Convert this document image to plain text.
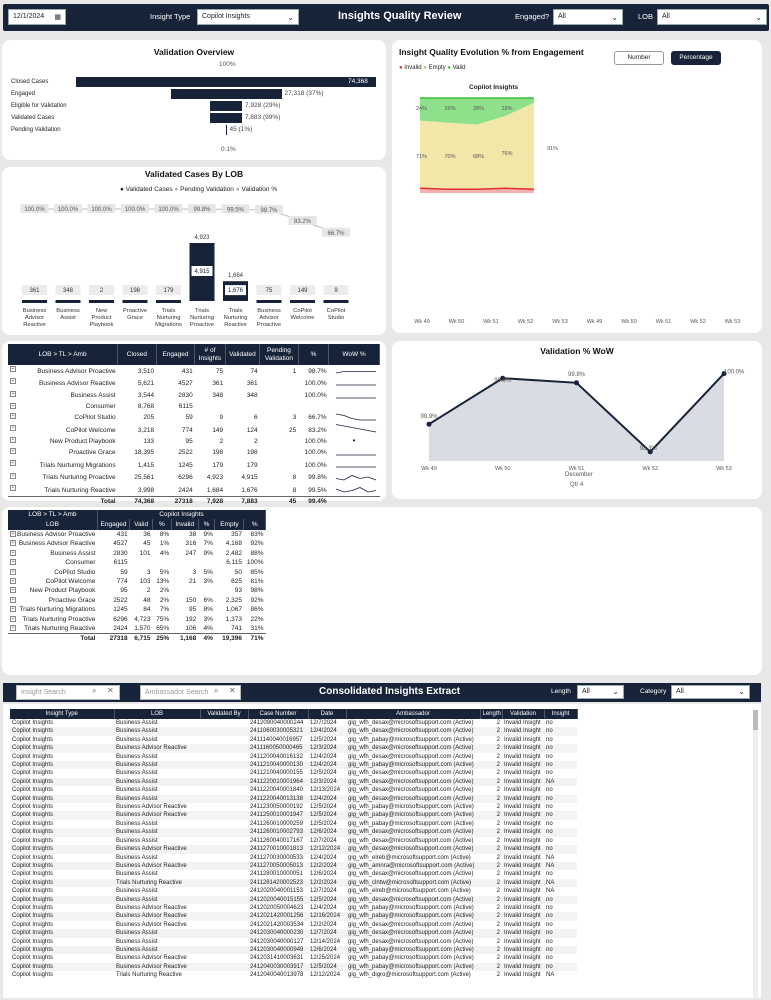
12/1/2024 ▦	Insight Type	Copilot Insights	⌄	Insights Quality Review	Engaged?	All	⌄	LOB	All	⌄
Validation Overview
100%
Closed Cases	74,368
Engaged	27,318 (37%)
Eligible for Validation	7,928 (29%)
Validated Cases	7,883 (99%)
Pending Validation	45 (1%)
0.1%
Validated Cases By LOB
● Validated Cases ● Pending Validation ● Validation %
100.0% 100.0% 100.0% 100.0% 100.0% 99.8%	99.5%	98.7%
83.2%
66.7%
361
Business Advisor Reactive
348
Business Assist
2
New Product Playbook
198
Proactive Grace
179
Trials Nurturing Migrations
4,923
4,915
Trials Nurturing Proactive
1,684
1,676
Trials Nurturing Reactive
75
Business Advisor Proactive
149
CoPilot Welcome
9
CoPilot Studio
Insight Quality Evolution % from Engagement
● Invalid ● Empty ● Valid
Number	Percentage
Copilot Insights
24%	26%	28%	19%
71%	70%	68%	76%
91%
Wk 49	Wk 50	Wk 51	Wk 52	Wk 53	Wk 49	Wk 50	Wk 51	Wk 52	Wk 53
LOB > TL > Amb	Closed	Engaged	# of Insights	Validated	Pending Validation	%	WoW %

+ Business Advisor Proactive	3,510	431	75	74	1	98.7%	

+ Business Advisor Reactive	5,621	4527	361	361		100.0%	

+ Business Assist	3,544	2830	348	348		100.0%	

+ Consumer	8,768	6115					

+ CoPilot Studio	205	59	9	6	3	66.7%	

+ CoPilot Welcome	3,218	774	149	124	25	83.2%	

+ New Product Playbook	133	95	2	2		100.0%	•

+ Proactive Grace	18,395	2522	198	198		100.0%	

+ Trials Nurturing Migrations	1,415	1245	179	179		100.0%	

+ Trials Nurturing Proactive	25,561	6296	4,923	4,915	8	99.8%	

+ Trials Nurturing Reactive	3,998	2424	1,684	1,676	8	99.5%	
Total	74,368	27318	7,928	7,883	45	99.4%	
Validation % WoW
98.9%
Wk 49
99.9%
Wk 50
99.8%
Wk 51
98.3%
Wk 52
100.0%
Wk 53
December
Qtr 4
LOB > TL > Amb	Copilot Insights						
LOB	Engaged	Valid	%	Invalid	%	Empty	%

+ Business Advisor Proactive	431	36	8%	38	9%	357	83%

+ Business Advisor Reactive	4527	45	1%	316	7%	4,168	92%

+ Business Assist	2830	101	4%	247	9%	2,482	88%

+ Consumer	6115					6,115	100%

+ CoPilot Studio	59	3	5%	3	5%	50	85%

+ CoPilot Welcome	774	103	13%	21	3%	625	81%

+ New Product Playbook	95	2	2%			93	98%

+ Proactive Grace	2522	48	2%	150	6%	2,325	92%

+ Trials Nurturing Migrations	1245	84	7%	95	8%	1,067	86%

+ Trials Nurturing Proactive	6296	4,723	75%	192	3%	1,373	22%

+ Trials Nurturing Reactive	2424	1,570	65%	106	4%	741	31%
Total	27318	6,715	25%	1,168	4%	19,396	71%
Insight Search	⌕ ✕	Ambassador Search ⌕ ✕	Consolidated Insights Extract	Length	All	⌄	Category	All	⌄
Insight Type	LOB	Validated By	Case Number	Date	Ambassador	Length	Validation	Insight
Copilot Insights	Business Assist		2412090040000244	12/7/2024	gig_wfh_desax@microsoftsupport.com (Active)	2	Invalid Insight	no
Copilot Insights	Business Assist		2411060030005321	12/4/2024	gig_wfh_desax@microsoftsupport.com (Active)	2	Invalid Insight	no
Copilot Insights	Business Assist		2411140040016957	12/5/2024	gig_wfh_pabay@microsoftsupport.com (Active)	2	Invalid Insight	no
Copilot Insights	Business Advisor Reactive		2411160050000465	12/3/2024	gig_wfh_desax@microsoftsupport.com (Active)	2	Invalid Insight	no
Copilot Insights	Business Assist		2411200040016132	12/4/2024	gig_wfh_desax@microsoftsupport.com (Active)	2	Invalid Insight	no
Copilot Insights	Business Assist		2411210040000130	12/4/2024	gig_wfh_pabay@microsoftsupport.com (Active)	2	Invalid Insight	no
Copilot Insights	Business Assist		2411210040000155	12/5/2024	gig_wfh_desax@microsoftsupport.com (Active)	2	Invalid Insight	no
Copilot Insights	Business Assist		2411220010001964	12/3/2024	gig_wfh_desax@microsoftsupport.com (Active)	2	Invalid Insight	NA
Copilot Insights	Business Assist		2411220040001840	12/13/2024	gig_wfh_desax@microsoftsupport.com (Active)	2	Invalid Insight	no
Copilot Insights	Business Assist		2411220040013138	12/4/2024	gig_wfh_desax@microsoftsupport.com (Active)	2	Invalid Insight	no
Copilot Insights	Business Advisor Reactive		2411230050000192	12/5/2024	gig_wfh_pabay@microsoftsupport.com (Active)	2	Invalid Insight	no
Copilot Insights	Business Advisor Reactive		2411250010001947	12/5/2024	gig_wfh_pabay@microsoftsupport.com (Active)	2	Invalid Insight	no
Copilot Insights	Business Assist		2411260010000259	12/5/2024	gig_wfh_pabay@microsoftsupport.com (Active)	2	Invalid Insight	no
Copilot Insights	Business Assist		2411260010002793	12/6/2024	gig_wfh_desax@microsoftsupport.com (Active)	2	Invalid Insight	no
Copilot Insights	Business Assist		2411260040017167	12/7/2024	gig_wfh_desax@microsoftsupport.com (Active)	2	Invalid Insight	no
Copilot Insights	Business Advisor Reactive		2411270010001813	12/12/2024	gig_wfh_desax@microsoftsupport.com (Active)	2	Invalid Insight	no
Copilot Insights	Business Assist		2411270030000533	12/4/2024	gig_wfh_elreb@microsoftsupport.com (Active)	2	Invalid Insight	NA
Copilot Insights	Business Advisor Reactive		2411270050005013	12/2/2024	gig_wfh_amnra@microsoftsupport.com (Active)	2	Invalid Insight	NA
Copilot Insights	Business Assist		2411280010000051	12/6/2024	gig_wfh_desax@microsoftsupport.com (Active)	2	Invalid Insight	no
Copilot Insights	Trials Nurturing Reactive		2411281420002523	12/2/2024	gig_wfh_clntw@microsoftsupport.com (Active)	2	Invalid Insight	NA
Copilot Insights	Business Assist		2412020040001153	12/7/2024	gig_wfh_elreb@microsoftsupport.com (Active)	2	Invalid Insight	NA
Copilot Insights	Business Assist		2412020040015155	12/5/2024	gig_wfh_desax@microsoftsupport.com (Active)	2	Invalid Insight	no
Copilot Insights	Business Advisor Reactive		2412020050004623	12/4/2024	gig_wfh_pabay@microsoftsupport.com (Active)	2	Invalid Insight	no
Copilot Insights	Business Advisor Reactive		2412021420001256	12/16/2024	gig_wfh_pabay@microsoftsupport.com (Active)	2	Invalid Insight	no
Copilot Insights	Business Advisor Reactive		2412021420003534	12/2/2024	gig_wfh_desax@microsoftsupport.com (Active)	2	Invalid Insight	no
Copilot Insights	Business Assist		2412030040000230	12/7/2024	gig_wfh_desax@microsoftsupport.com (Active)	2	Invalid Insight	no
Copilot Insights	Business Assist		2412030040000127	12/14/2024	gig_wfh_desax@microsoftsupport.com (Active)	2	Invalid Insight	no
Copilot Insights	Business Assist		2412030040000949	12/6/2024	gig_wfh_pabay@microsoftsupport.com (Active)	2	Invalid Insight	no
Copilot Insights	Business Advisor Reactive		2412031410003631	12/25/2024	gig_wfh_pabay@microsoftsupport.com (Active)	2	Invalid Insight	no
Copilot Insights	Business Advisor Reactive		2412040030003917	12/5/2024	gig_wfh_pabay@microsoftsupport.com (Active)	2	Invalid Insight	no
Copilot Insights	Trials Nurturing Reactive		2412040040013978	12/12/2024	gig_wfh_digro@microsoftsupport.com (Active)	2	Invalid Insight	NA
